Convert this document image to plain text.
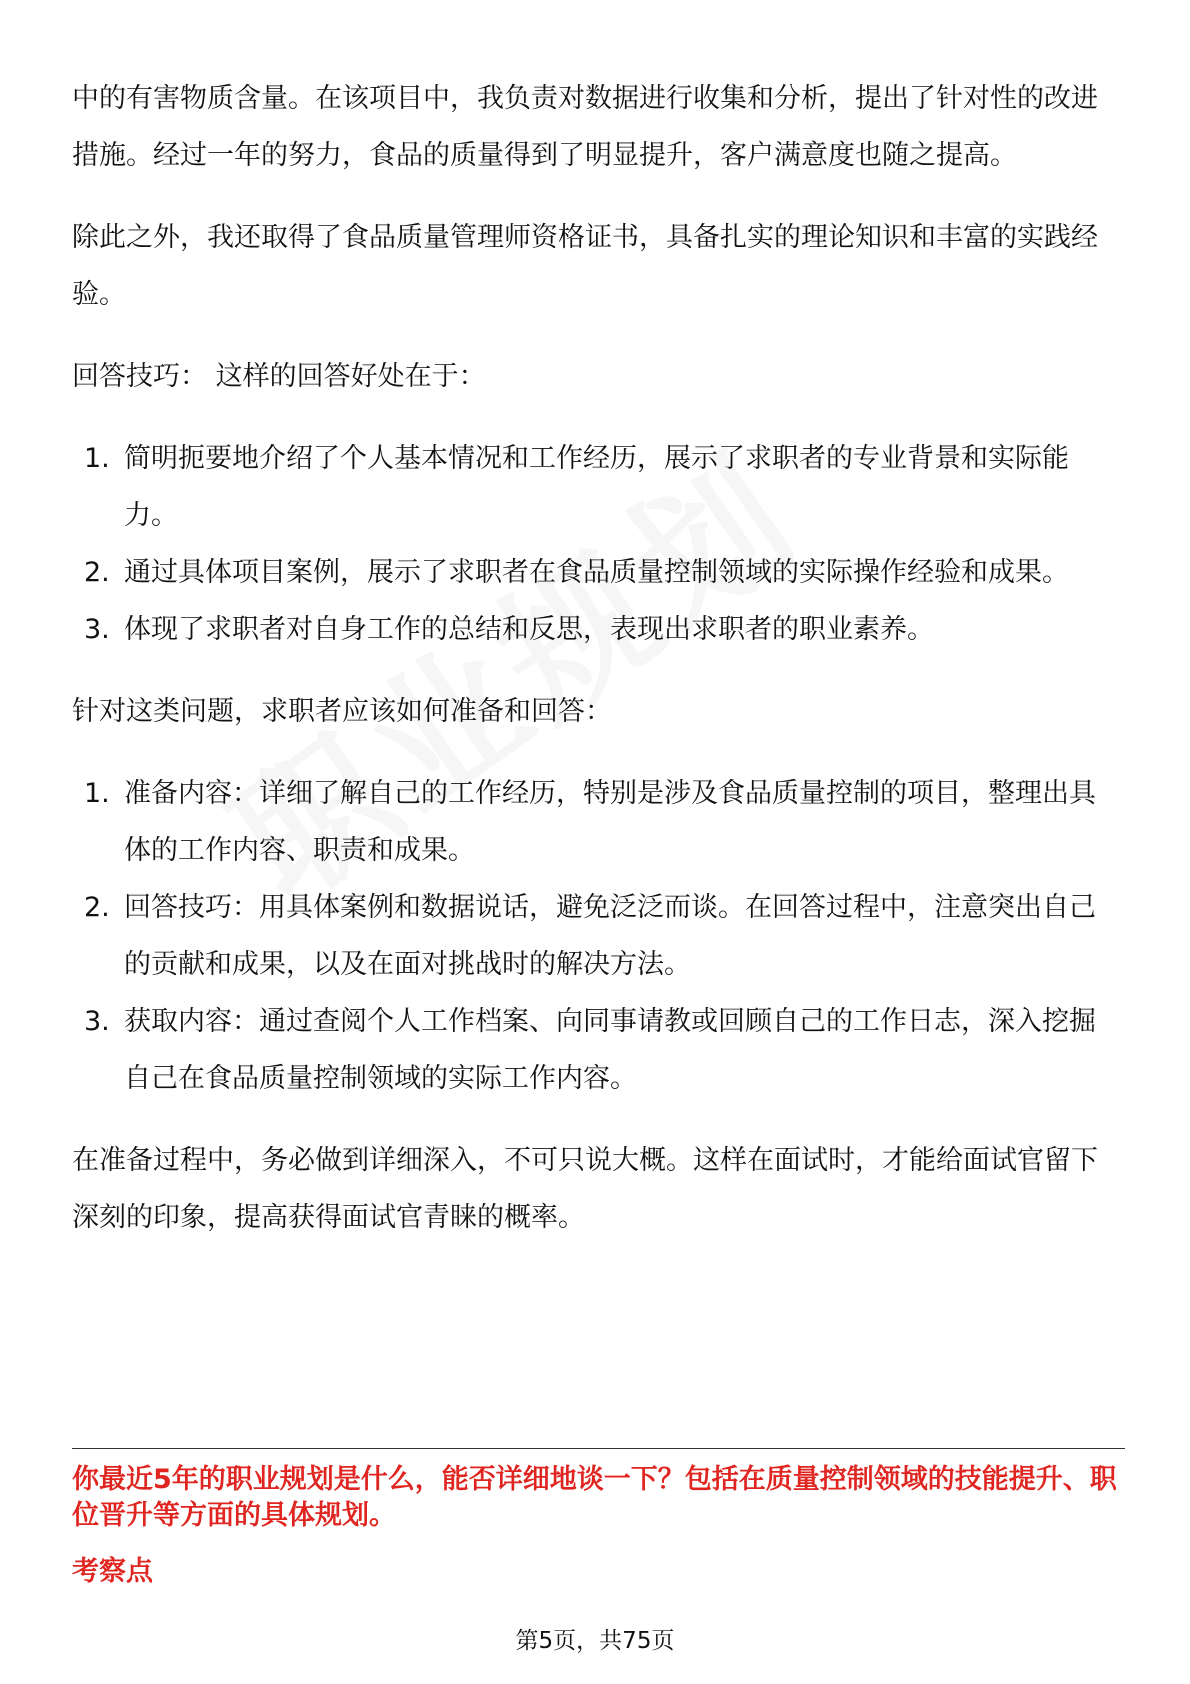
中的有害物质含量。在该项目中，我负责对数据进行收集和分析，提出了针对性的改进措施。经过一年的努力，食品的质量得到了明显提升，客户满意度也随之提高。

除此之外，我还取得了食品质量管理师资格证书，具备扎实的理论知识和丰富的实践经验。

回答技巧： 这样的回答好处在于：

1. 简明扼要地介绍了个人基本情况和工作经历，展示了求职者的专业背景和实际能力。
2. 通过具体项目案例，展示了求职者在食品质量控制领域的实际操作经验和成果。
3. 体现了求职者对自身工作的总结和反思，表现出求职者的职业素养。

针对这类问题，求职者应该如何准备和回答：

1. 准备内容：详细了解自己的工作经历，特别是涉及食品质量控制的项目，整理出具体的工作内容、职责和成果。
2. 回答技巧：用具体案例和数据说话，避免泛泛而谈。在回答过程中，注意突出自己的贡献和成果，以及在面对挑战时的解决方法。
3. 获取内容：通过查阅个人工作档案、向同事请教或回顾自己的工作日志，深入挖掘自己在食品质量控制领域的实际工作内容。

在准备过程中，务必做到详细深入，不可只说大概。这样在面试时，才能给面试官留下深刻的印象，提高获得面试官青睐的概率。

你最近5年的职业规划是什么，能否详细地谈一下？包括在质量控制领域的技能提升、职位晋升等方面的具体规划。
考察点
第5页，共75页
